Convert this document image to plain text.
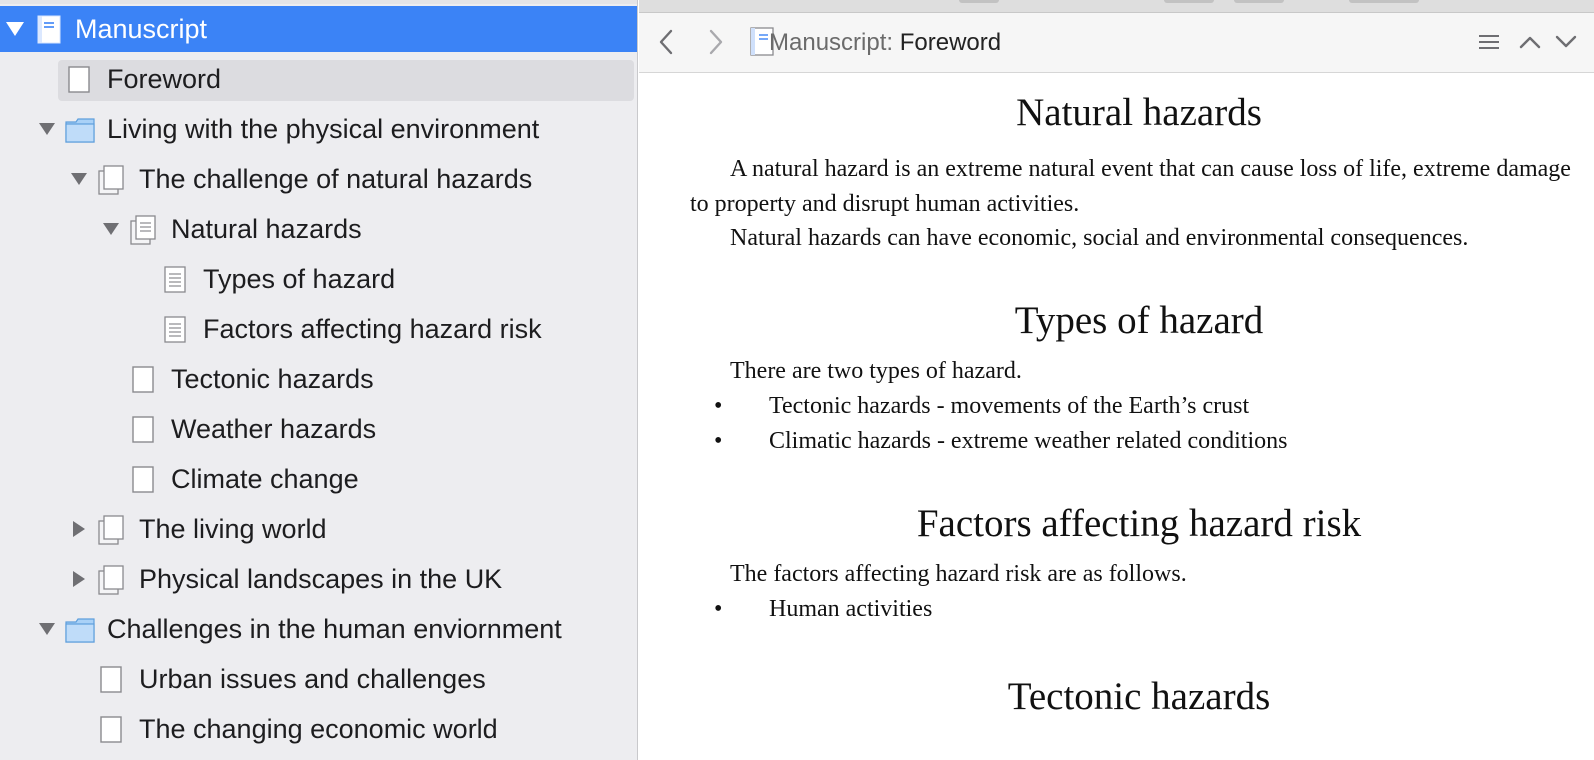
Manuscript
Foreword
Living with the physical environment
The challenge of natural hazards
Natural hazards
Types of hazard
Factors affecting hazard risk
Tectonic hazards
Weather hazards
Climate change
The living world
Physical landscapes in the UK
Challenges in the human enviornment
Urban issues and challenges
The changing economic world
Manuscript: Foreword
Natural hazards
A natural hazard is an extreme natural event that can cause loss of life, extreme damage to property and disrupt human activities.
Natural hazards can have economic, social and environmental consequences.
Types of hazard
There are two types of hazard.
• Tectonic hazards - movements of the Earth’s crust
• Climatic hazards - extreme weather related conditions
Factors affecting hazard risk
The factors affecting hazard risk are as follows.
• Human activities
Tectonic hazards
